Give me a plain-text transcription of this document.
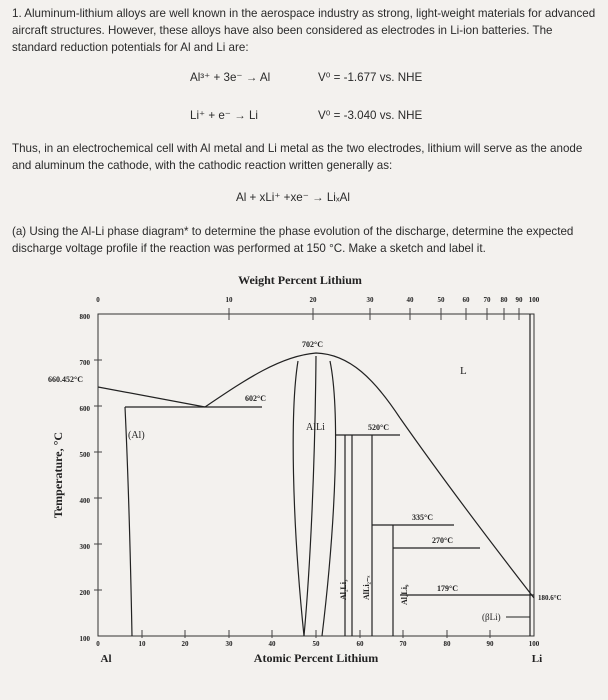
1. Aluminum-lithium alloys are well known in the aerospace industry as strong, light-weight materials for advanced aircraft structures. However, these alloys have also been considered as electrodes in Li-ion batteries. The standard reduction potentials for Al and Li are:

Al³⁺ + 3e⁻ → Al	V⁰ = -1.677 vs. NHE
Li⁺ + e⁻ → Li	V⁰ = -3.040 vs. NHE

Thus, in an electrochemical cell with Al metal and Li metal as the two electrodes, lithium will serve as the anode and aluminum the cathode, with the cathodic reaction written generally as:

Al + xLi⁺ +xe⁻ → LiₓAl

(a) Using the Al-Li phase diagram* to determine the phase evolution of the discharge, determine the expected discharge voltage profile if the reaction was performed at 150 °C. Make a sketch and label it.

Weight Percent Lithium
0	10	20	30	40	50	60 70 80 90 100
800
700
600
500
400
300
200
100
Temperature, °C
0	10	20	30	40	50	60	70	80	90	100
Atomic Percent Lithium
Al	Li
660.452°C
602°C
702°C
520°C
335°C
270°C
179°C
180.6°C
(Al)
AlLi
L
(βLi)
Al₂Li₃ AlLi₂₋ₓ	Al₄Li₉
